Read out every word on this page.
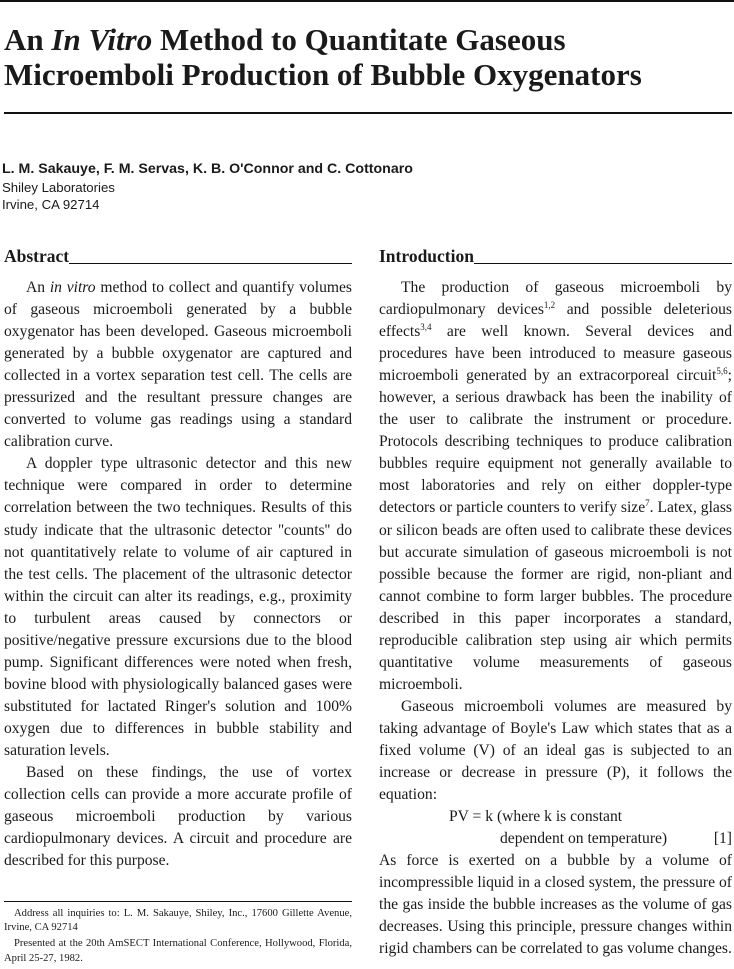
An In Vitro Method to Quantitate Gaseous
Microemboli Production of Bubble Oxygenators
L. M. Sakauye, F. M. Servas, K. B. O'Connor and C. Cottonaro
Shiley Laboratories
Irvine, CA 92714
Abstract

An in vitro method to collect and quantify volumes of gaseous microemboli generated by a bubble oxygenator has been developed. Gaseous microemboli generated by a bubble oxygenator are captured and collected in a vortex separation test cell. The cells are pressurized and the resultant pressure changes are converted to volume gas readings using a standard calibration curve.

A doppler type ultrasonic detector and this new technique were compared in order to determine correlation between the two techniques. Results of this study indicate that the ultrasonic detector ''counts'' do not quantitatively relate to volume of air captured in the test cells. The placement of the ultrasonic detector within the circuit can alter its readings, e.g., proximity to turbulent areas caused by connectors or positive/negative pressure excursions due to the blood pump. Significant differences were noted when fresh, bovine blood with physiologically balanced gases were substituted for lactated Ringer's solution and 100% oxygen due to differences in bubble stability and saturation levels.

Based on these findings, the use of vortex collection cells can provide a more accurate profile of gaseous microemboli production by various cardiopulmonary devices. A circuit and procedure are described for this purpose.

Address all inquiries to: L. M. Sakauye, Shiley, Inc., 17600 Gillette Avenue, Irvine, CA 92714

Presented at the 20th AmSECT International Conference, Hollywood, Florida, April 25-27, 1982.

Introduction

The production of gaseous microemboli by cardiopulmonary devices$^{1,2}$ and possible deleterious effects$^{3,4}$ are well known. Several devices and procedures have been introduced to measure gaseous microemboli generated by an extracorporeal circuit$^{5,6}$; however, a serious drawback has been the inability of the user to calibrate the instrument or procedure. Protocols describing techniques to produce calibration bubbles require equipment not generally available to most laboratories and rely on either doppler-type detectors or particle counters to verify size$^7$. Latex, glass or silicon beads are often used to calibrate these devices but accurate simulation of gaseous microemboli is not possible because the former are rigid, non-pliant and cannot combine to form larger bubbles. The procedure described in this paper incorporates a standard, reproducible calibration step using air which permits quantitative volume measurements of gaseous microemboli.

Gaseous microemboli volumes are measured by taking advantage of Boyle's Law which states that as a fixed volume (V) of an ideal gas is subjected to an increase or decrease in pressure (P), it follows the equation:

PV = k (where k is constant
dependent on temperature)	[1]

As force is exerted on a bubble by a volume of incompressible liquid in a closed system, the pressure of the gas inside the bubble increases as the volume of gas decreases. Using this principle, pressure changes within rigid chambers can be correlated to gas volume changes.
